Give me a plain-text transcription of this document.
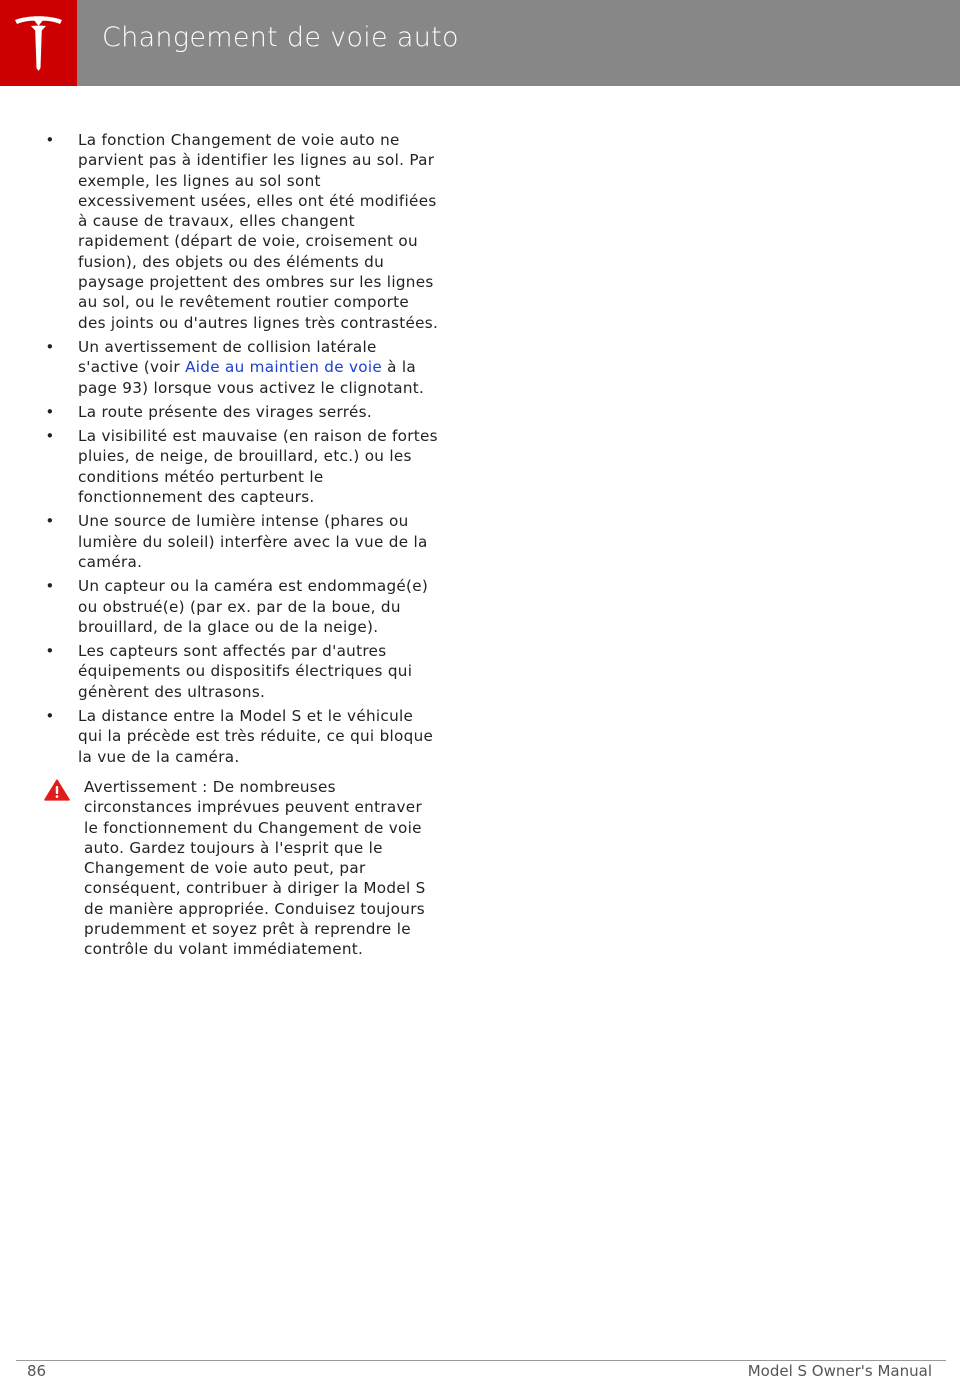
Changement de voie auto
• La fonction Changement de voie auto ne parvient pas à identifier les lignes au sol. Par exemple, les lignes au sol sont excessivement usées, elles ont été modifiées à cause de travaux, elles changent rapidement (départ de voie, croisement ou fusion), des objets ou des éléments du paysage projettent des ombres sur les lignes au sol, ou le revêtement routier comporte des joints ou d'autres lignes très contrastées.
• Un avertissement de collision latérale s'active (voir Aide au maintien de voie à la page 93) lorsque vous activez le clignotant.
• La route présente des virages serrés.
• La visibilité est mauvaise (en raison de fortes pluies, de neige, de brouillard, etc.) ou les conditions météo perturbent le fonctionnement des capteurs.
• Une source de lumière intense (phares ou lumière du soleil) interfère avec la vue de la caméra.
• Un capteur ou la caméra est endommagé(e) ou obstrué(e) (par ex. par de la boue, du brouillard, de la glace ou de la neige).
• Les capteurs sont affectés par d'autres équipements ou dispositifs électriques qui génèrent des ultrasons.
• La distance entre la Model S et le véhicule qui la précède est très réduite, ce qui bloque la vue de la caméra.
Avertissement : De nombreuses circonstances imprévues peuvent entraver le fonctionnement du Changement de voie auto. Gardez toujours à l'esprit que le Changement de voie auto peut, par conséquent, contribuer à diriger la Model S de manière appropriée. Conduisez toujours prudemment et soyez prêt à reprendre le contrôle du volant immédiatement.
86	Model S Owner's Manual
